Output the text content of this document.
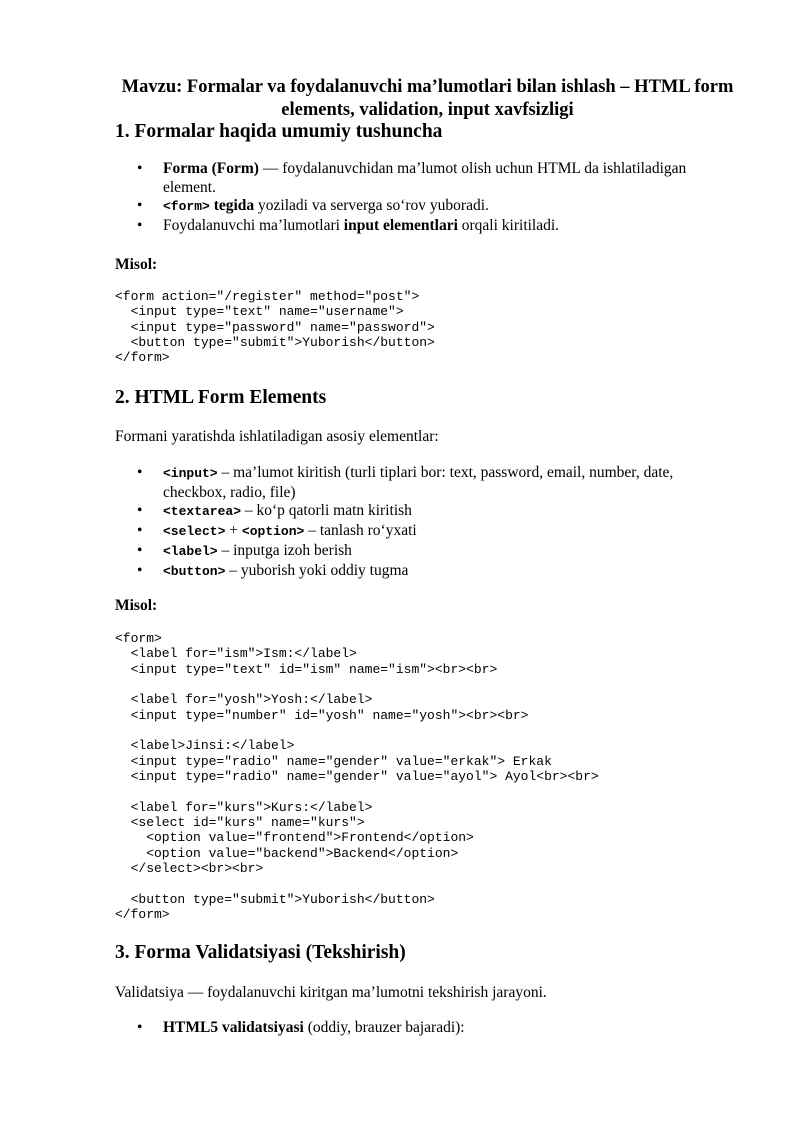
Mavzu: Formalar va foydalanuvchi ma’lumotlari bilan ishlash – HTML form
elements, validation, input xavfsizligi
1. Formalar haqida umumiy tushuncha
• Forma (Form) — foydalanuvchidan ma’lumot olish uchun HTML da ishlatiladigan element.
• <form> tegida yoziladi va serverga so‘rov yuboradi.
• Foydalanuvchi ma’lumotlari input elementlari orqali kiritiladi.
Misol:
<form action="/register" method="post">
<input type="text" name="username">
<input type="password" name="password">
<button type="submit">Yuborish</button>
</form>
2. HTML Form Elements
Formani yaratishda ishlatiladigan asosiy elementlar:
• <input> – ma’lumot kiritish (turli tiplari bor: text, password, email, number, date, checkbox, radio, file)
• <textarea> – ko‘p qatorli matn kiritish
• <select> + <option> – tanlash ro‘yxati
• <label> – inputga izoh berish
• <button> – yuborish yoki oddiy tugma
Misol:
<form>
<label for="ism">Ism:</label>
<input type="text" id="ism" name="ism"><br><br>

<label for="yosh">Yosh:</label>
<input type="number" id="yosh" name="yosh"><br><br>

<label>Jinsi:</label>
<input type="radio" name="gender" value="erkak"> Erkak
<input type="radio" name="gender" value="ayol"> Ayol<br><br>

<label for="kurs">Kurs:</label>
<select id="kurs" name="kurs">
<option value="frontend">Frontend</option>
<option value="backend">Backend</option>
</select><br><br>

<button type="submit">Yuborish</button>
</form>
3. Forma Validatsiyasi (Tekshirish)
Validatsiya — foydalanuvchi kiritgan ma’lumotni tekshirish jarayoni.
• HTML5 validatsiyasi (oddiy, brauzer bajaradi):
